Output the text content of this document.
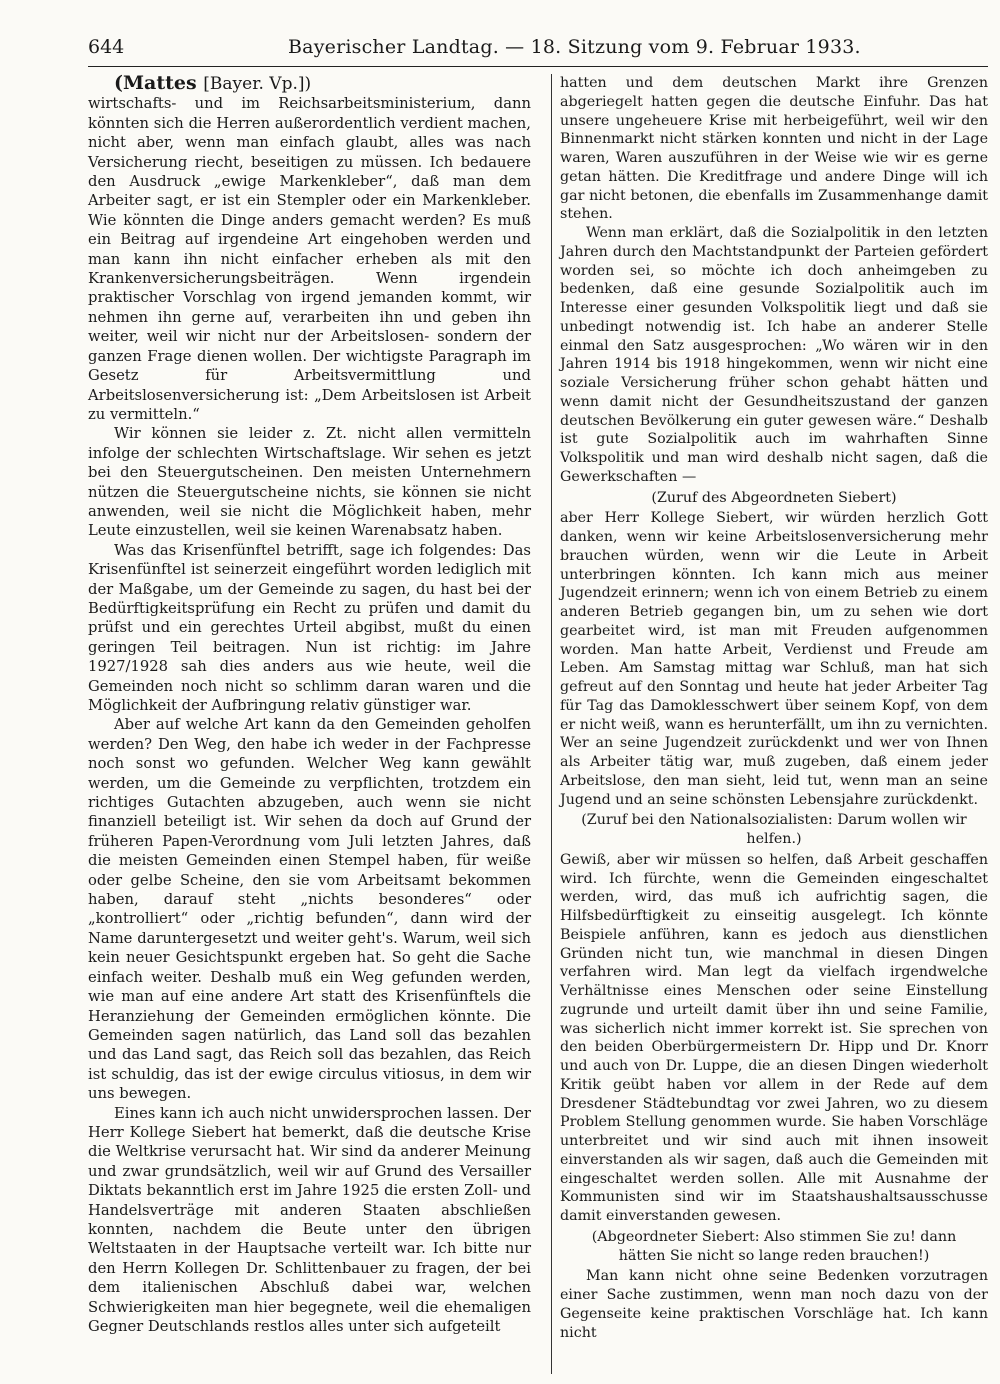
644	Bayerischer Landtag. — 18. Sitzung vom 9. Februar 1933.

(Mattes [Bayer. Vp.])

wirtschafts- und im Reichsarbeitsministerium, dann könnten sich die Herren außerordentlich verdient machen, nicht aber, wenn man einfach glaubt, alles was nach Versicherung riecht, beseitigen zu müssen. Ich bedauere den Ausdruck „ewige Markenkleber“, daß man dem Arbeiter sagt, er ist ein Stempler oder ein Markenkleber. Wie könnten die Dinge anders gemacht werden? Es muß ein Beitrag auf irgendeine Art eingehoben werden und man kann ihn nicht einfacher erheben als mit den Krankenversicherungsbeiträgen. Wenn irgendein praktischer Vorschlag von irgend jemanden kommt, wir nehmen ihn gerne auf, verarbeiten ihn und geben ihn weiter, weil wir nicht nur der Arbeitslosen- sondern der ganzen Frage dienen wollen. Der wichtigste Paragraph im Gesetz für Arbeitsvermittlung und Arbeitslosenversicherung ist: „Dem Arbeitslosen ist Arbeit zu vermitteln.“

Wir können sie leider z. Zt. nicht allen vermitteln infolge der schlechten Wirtschaftslage. Wir sehen es jetzt bei den Steuergutscheinen. Den meisten Unternehmern nützen die Steuergutscheine nichts, sie können sie nicht anwenden, weil sie nicht die Möglichkeit haben, mehr Leute einzustellen, weil sie keinen Warenabsatz haben.

Was das Krisenfünftel betrifft, sage ich folgendes: Das Krisenfünftel ist seinerzeit eingeführt worden lediglich mit der Maßgabe, um der Gemeinde zu sagen, du hast bei der Bedürftigkeitsprüfung ein Recht zu prüfen und damit du prüfst und ein gerechtes Urteil abgibst, mußt du einen geringen Teil beitragen. Nun ist richtig: im Jahre 1927/1928 sah dies anders aus wie heute, weil die Gemeinden noch nicht so schlimm daran waren und die Möglichkeit der Aufbringung relativ günstiger war.

Aber auf welche Art kann da den Gemeinden geholfen werden? Den Weg, den habe ich weder in der Fachpresse noch sonst wo gefunden. Welcher Weg kann gewählt werden, um die Gemeinde zu verpflichten, trotzdem ein richtiges Gutachten abzugeben, auch wenn sie nicht finanziell beteiligt ist. Wir sehen da doch auf Grund der früheren Papen-Verordnung vom Juli letzten Jahres, daß die meisten Gemeinden einen Stempel haben, für weiße oder gelbe Scheine, den sie vom Arbeitsamt bekommen haben, darauf steht „nichts besonderes“ oder „kontrolliert“ oder „richtig befunden“, dann wird der Name daruntergesetzt und weiter geht's. Warum, weil sich kein neuer Gesichtspunkt ergeben hat. So geht die Sache einfach weiter. Deshalb muß ein Weg gefunden werden, wie man auf eine andere Art statt des Krisenfünftels die Heranziehung der Gemeinden ermöglichen könnte. Die Gemeinden sagen natürlich, das Land soll das bezahlen und das Land sagt, das Reich soll das bezahlen, das Reich ist schuldig, das ist der ewige circulus vitiosus, in dem wir uns bewegen.

Eines kann ich auch nicht unwidersprochen lassen. Der Herr Kollege Siebert hat bemerkt, daß die deutsche Krise die Weltkrise verursacht hat. Wir sind da anderer Meinung und zwar grundsätzlich, weil wir auf Grund des Versailler Diktats bekanntlich erst im Jahre 1925 die ersten Zoll- und Handelsverträge mit anderen Staaten abschließen konnten, nachdem die Beute unter den übrigen Weltstaaten in der Hauptsache verteilt war. Ich bitte nur den Herrn Kollegen Dr. Schlittenbauer zu fragen, der bei dem italienischen Abschluß dabei war, welchen Schwierigkeiten man hier begegnete, weil die ehemaligen Gegner Deutschlands restlos alles unter sich aufgeteilt

hatten und dem deutschen Markt ihre Grenzen abgeriegelt hatten gegen die deutsche Einfuhr. Das hat unsere ungeheuere Krise mit herbeigeführt, weil wir den Binnenmarkt nicht stärken konnten und nicht in der Lage waren, Waren auszuführen in der Weise wie wir es gerne getan hätten. Die Kreditfrage und andere Dinge will ich gar nicht betonen, die ebenfalls im Zusammenhange damit stehen.

Wenn man erklärt, daß die Sozialpolitik in den letzten Jahren durch den Machtstandpunkt der Parteien gefördert worden sei, so möchte ich doch anheimgeben zu bedenken, daß eine gesunde Sozialpolitik auch im Interesse einer gesunden Volkspolitik liegt und daß sie unbedingt notwendig ist. Ich habe an anderer Stelle einmal den Satz ausgesprochen: „Wo wären wir in den Jahren 1914 bis 1918 hingekommen, wenn wir nicht eine soziale Versicherung früher schon gehabt hätten und wenn damit nicht der Gesundheitszustand der ganzen deutschen Bevölkerung ein guter gewesen wäre.“ Deshalb ist gute Sozialpolitik auch im wahrhaften Sinne Volkspolitik und man wird deshalb nicht sagen, daß die Gewerkschaften —

(Zuruf des Abgeordneten Siebert)

aber Herr Kollege Siebert, wir würden herzlich Gott danken, wenn wir keine Arbeitslosenversicherung mehr brauchen würden, wenn wir die Leute in Arbeit unterbringen könnten. Ich kann mich aus meiner Jugendzeit erinnern; wenn ich von einem Betrieb zu einem anderen Betrieb gegangen bin, um zu sehen wie dort gearbeitet wird, ist man mit Freuden aufgenommen worden. Man hatte Arbeit, Verdienst und Freude am Leben. Am Samstag mittag war Schluß, man hat sich gefreut auf den Sonntag und heute hat jeder Arbeiter Tag für Tag das Damoklesschwert über seinem Kopf, von dem er nicht weiß, wann es herunterfällt, um ihn zu vernichten. Wer an seine Jugendzeit zurückdenkt und wer von Ihnen als Arbeiter tätig war, muß zugeben, daß einem jeder Arbeitslose, den man sieht, leid tut, wenn man an seine Jugend und an seine schönsten Lebensjahre zurückdenkt.

(Zuruf bei den Nationalsozialisten: Darum wollen wir helfen.)

Gewiß, aber wir müssen so helfen, daß Arbeit geschaffen wird. Ich fürchte, wenn die Gemeinden eingeschaltet werden, wird, das muß ich aufrichtig sagen, die Hilfsbedürftigkeit zu einseitig ausgelegt. Ich könnte Beispiele anführen, kann es jedoch aus dienstlichen Gründen nicht tun, wie manchmal in diesen Dingen verfahren wird. Man legt da vielfach irgendwelche Verhältnisse eines Menschen oder seine Einstellung zugrunde und urteilt damit über ihn und seine Familie, was sicherlich nicht immer korrekt ist. Sie sprechen von den beiden Oberbürgermeistern Dr. Hipp und Dr. Knorr und auch von Dr. Luppe, die an diesen Dingen wiederholt Kritik geübt haben vor allem in der Rede auf dem Dresdener Städtebundtag vor zwei Jahren, wo zu diesem Problem Stellung genommen wurde. Sie haben Vorschläge unterbreitet und wir sind auch mit ihnen insoweit einverstanden als wir sagen, daß auch die Gemeinden mit eingeschaltet werden sollen. Alle mit Ausnahme der Kommunisten sind wir im Staatshaushaltsausschusse damit einverstanden gewesen.

(Abgeordneter Siebert: Also stimmen Sie zu! dann hätten Sie nicht so lange reden brauchen!)

Man kann nicht ohne seine Bedenken vorzutragen einer Sache zustimmen, wenn man noch dazu von der Gegenseite keine praktischen Vorschläge hat. Ich kann nicht
